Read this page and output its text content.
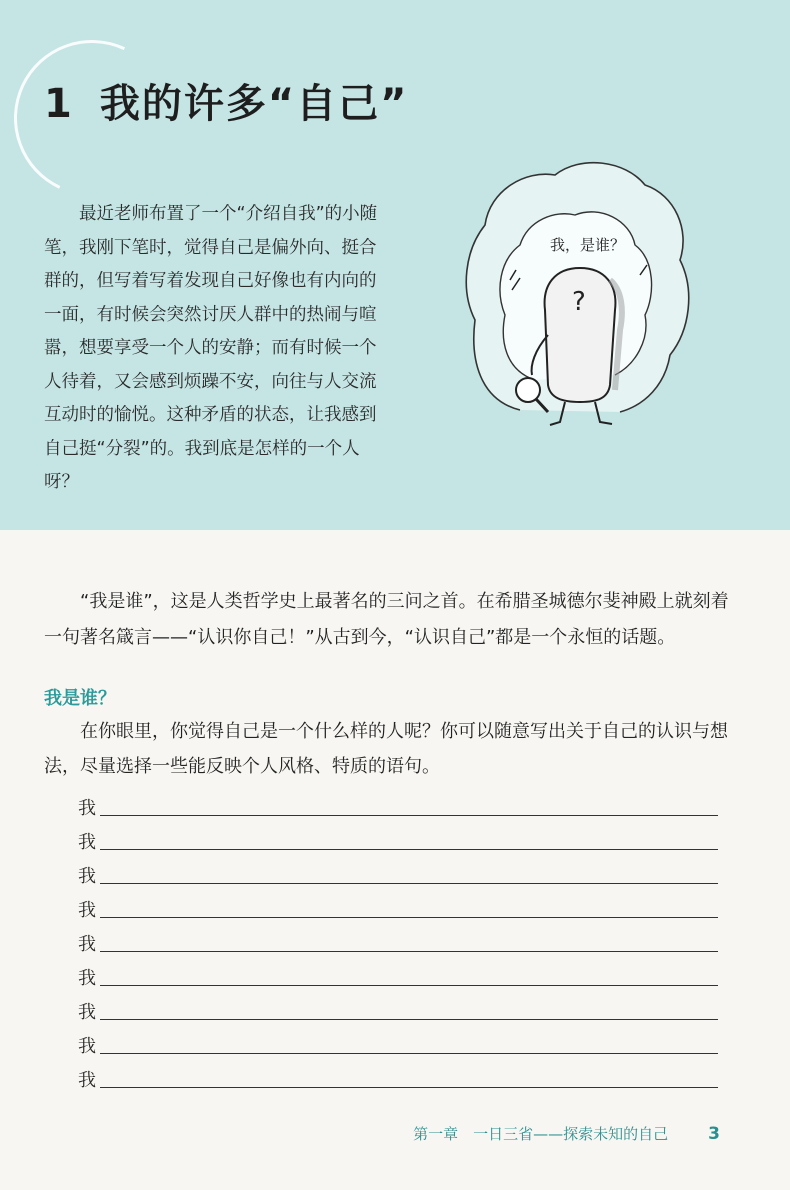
1 我的许多“自己”
最近老师布置了一个“介绍自我”的小随笔，我刚下笔时，觉得自己是偏外向、挺合群的，但写着写着发现自己好像也有内向的一面，有时候会突然讨厌人群中的热闹与喧嚣，想要享受一个人的安静；而有时候一个人待着，又会感到烦躁不安，向往与人交流互动时的愉悦。这种矛盾的状态，让我感到自己挺“分裂”的。我到底是怎样的一个人呀？
?
我，是谁？
“我是谁”，这是人类哲学史上最著名的三问之首。在希腊圣城德尔斐神殿上就刻着一句著名箴言——“认识你自己！”从古到今，“认识自己”都是一个永恒的话题。
我是谁？
在你眼里，你觉得自己是一个什么样的人呢？你可以随意写出关于自己的认识与想法，尽量选择一些能反映个人风格、特质的语句。
我
我
我
我
我
我
我
我
我
第一章　一日三省——探索未知的自己 3
